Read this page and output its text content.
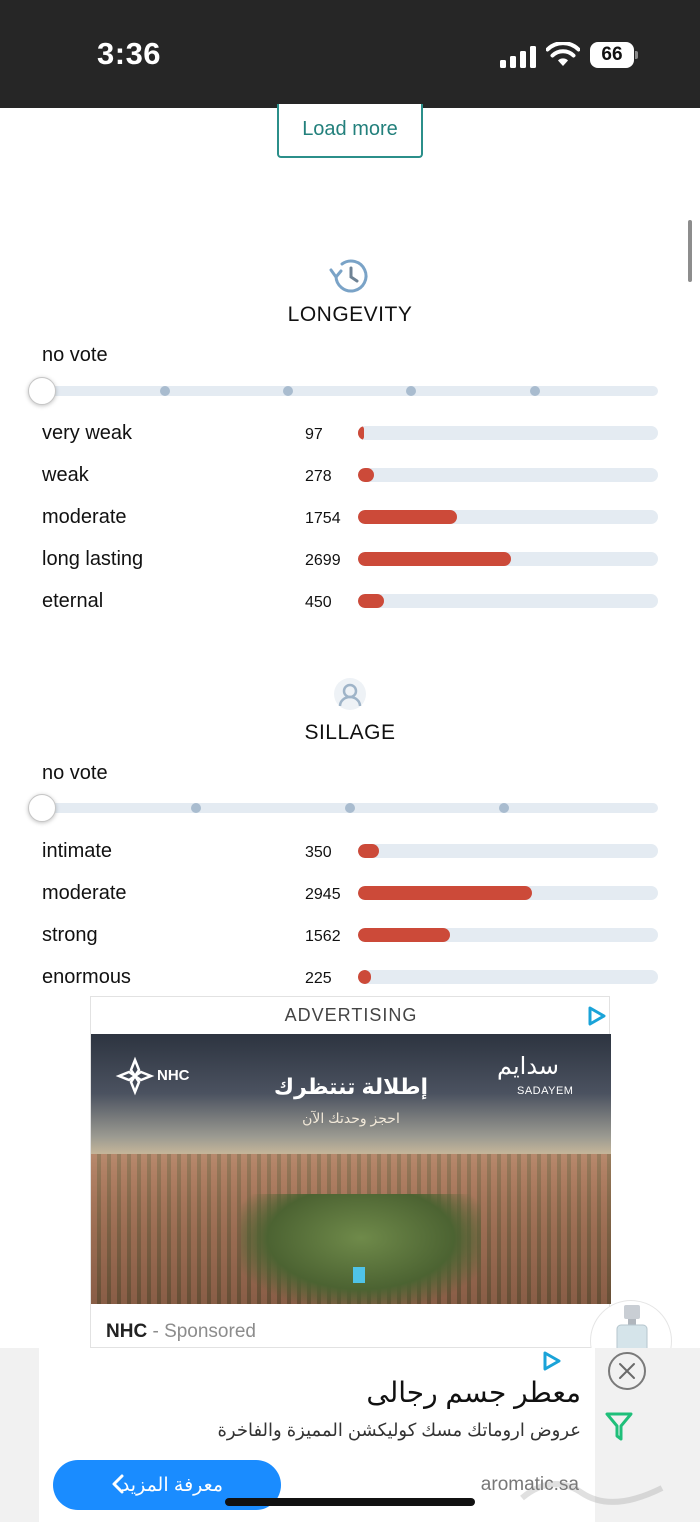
3:36	66
Load more
LONGEVITY
no vote
very weak	97
weak	278
moderate	1754
long lasting	2699
eternal	450
SILLAGE
no vote
intimate	350
moderate	2945
strong	1562
enormous	225
ADVERTISING
NHC	إطلالة تنتظرك
احجز وحدتك الآن
سدايم
SADAYEM
NHC - Sponsored
معطر جسم رجالى
عروض اروماتك مسك كوليكشن المميزة والفاخرة
aromatic.sa
معرفة المزيد
